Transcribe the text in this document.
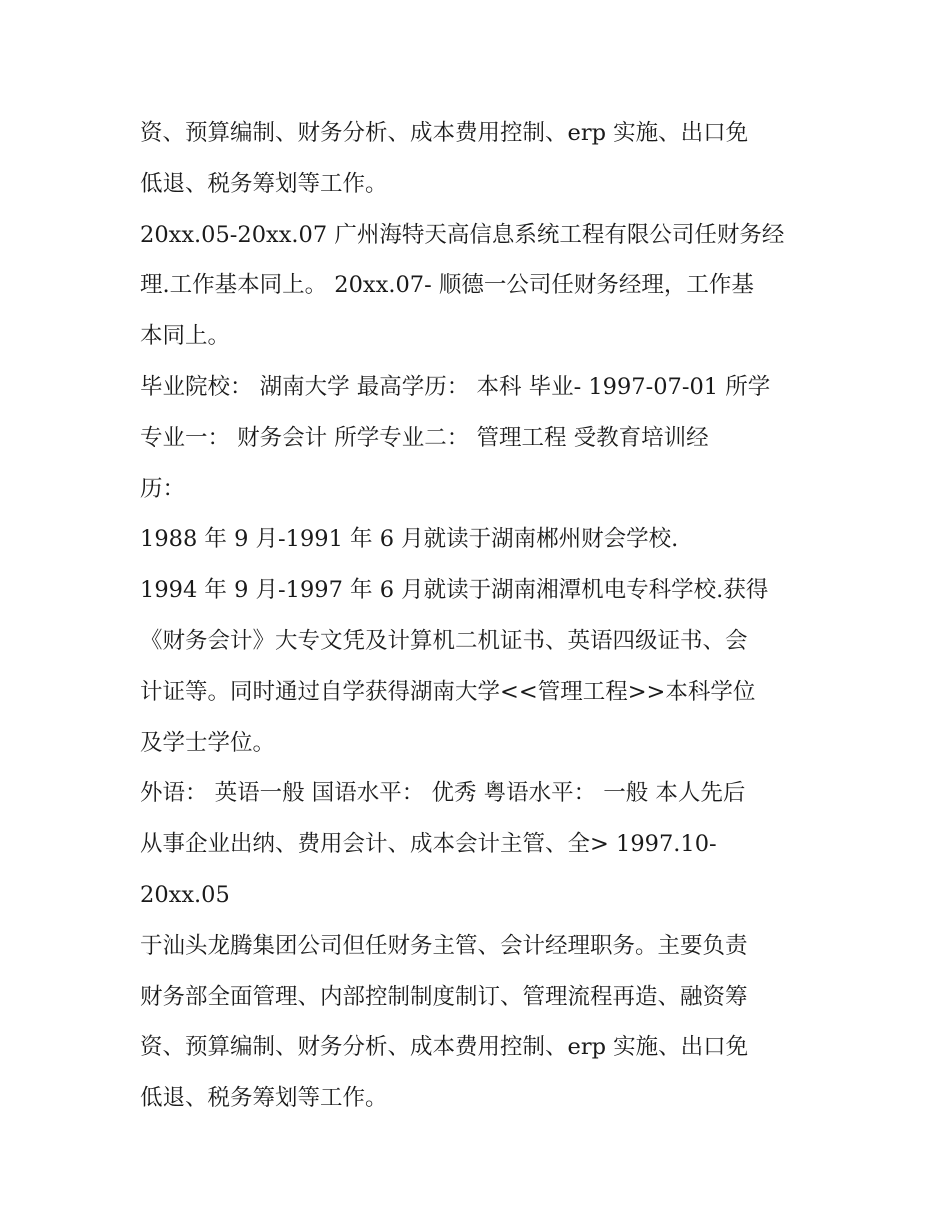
资、预算编制、财务分析、成本费用控制、erp 实施、出口免
低退、税务筹划等工作。
20xx.05-20xx.07 广州海特天高信息系统工程有限公司任财务经
理.工作基本同上。 20xx.07- 顺德一公司任财务经理，工作基
本同上。
毕业院校： 湖南大学 最高学历： 本科 毕业- 1997-07-01 所学
专业一： 财务会计 所学专业二： 管理工程 受教育培训经
历：
1988 年 9 月-1991 年 6 月就读于湖南郴州财会学校.
1994 年 9 月-1997 年 6 月就读于湖南湘潭机电专科学校.获得
《财务会计》大专文凭及计算机二机证书、英语四级证书、会
计证等。同时通过自学获得湖南大学<<管理工程>>本科学位
及学士学位。
外语： 英语一般 国语水平： 优秀 粤语水平： 一般 本人先后
从事企业出纳、费用会计、成本会计主管、全> 1997.10-
20xx.05
于汕头龙腾集团公司但任财务主管、会计经理职务。主要负责
财务部全面管理、内部控制制度制订、管理流程再造、融资筹
资、预算编制、财务分析、成本费用控制、erp 实施、出口免
低退、税务筹划等工作。
